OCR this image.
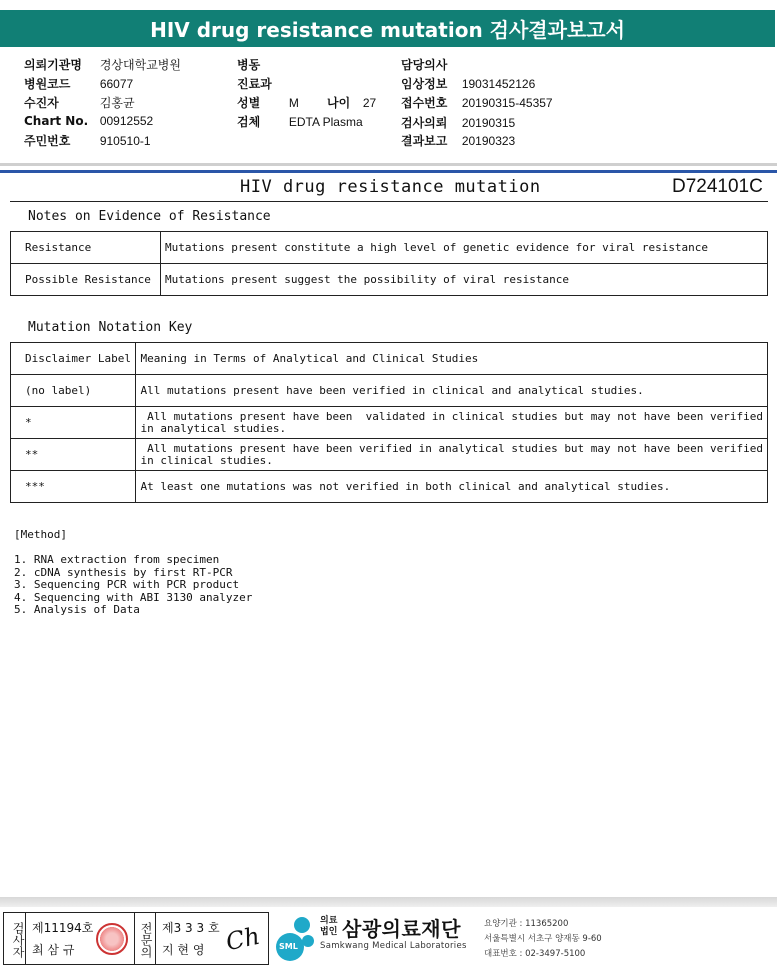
HIV drug resistance mutation 검사결과보고서
의뢰기관명 경상대학교병원
병원코드 66077
수진자	김홍균
Chart No. 00912552
주민번호 910510-1
병동
진료과
성별 M 나이 27
검체 EDTA Plasma
담당의사
임상정보 19031452126
접수번호 20190315-45357
검사의뢰 20190315
결과보고 20190323
HIV drug resistance mutation	D724101C
Notes on Evidence of Resistance
Resistance	Mutations present constitute a high level of genetic evidence for viral resistance
Possible Resistance	Mutations present suggest the possibility of viral resistance
Mutation Notation Key
Disclaimer Label	Meaning in Terms of Analytical and Clinical Studies
(no label)	All mutations present have been verified in clinical and analytical studies.

*	All mutations present have been  validated in clinical studies but may not have been verified
in analytical studies.

**	All mutations present have been verified in analytical studies but may not have been verified
in clinical studies.

***	At least one mutations was not verified in both clinical and analytical studies.
[Method]
1. RNA extraction from specimen
2. cDNA synthesis by first RT-PCR
3. Sequencing PCR with PCR product
4. Sequencing with ABI 3130 analyzer
5. Analysis of Data
검사자 제11194호
최 삼 규	전문의 제3 3 3 호
지 현 영 Ch SML
의료
법인 삼광의료재단
Samkwang Medical Laboratories
요양기관 : 11365200
서울특별시 서초구 양재동 9-60
대표번호 : 02-3497-5100
